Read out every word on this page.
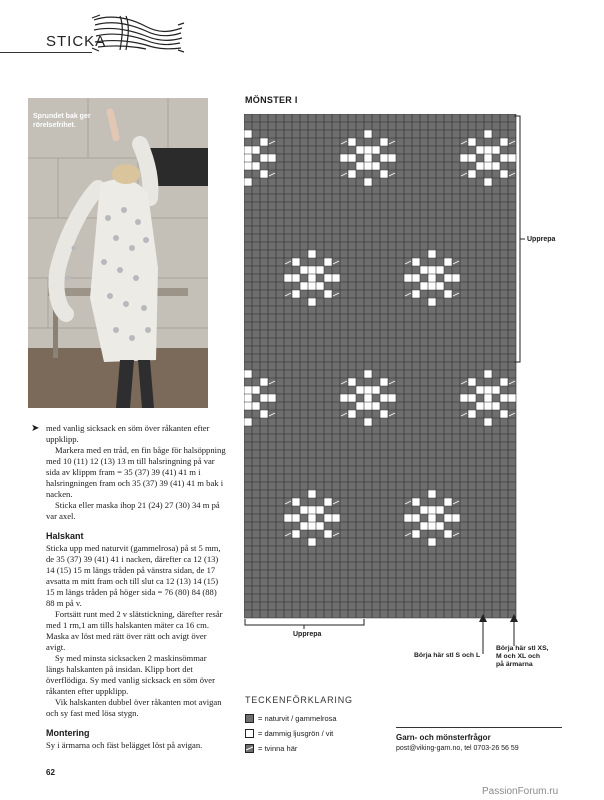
STICKA
Sprundet bak ger rörelsefrihet.
➤ med vanlig sicksack en söm över råkanten efter uppklipp.

Markera med en tråd, en fin båge för halsöppning med 10 (11) 12 (13) 13 m till halsringning på var sida av klippm fram = 35 (37) 39 (41) 41 m i halsringningen fram och 35 (37) 39 (41) 41 m bak i nacken.

Sticka eller maska ihop 21 (24) 27 (30) 34 m på var axel.

Halskant

Sticka upp med naturvit (gammelrosa) på st 5 mm, de 35 (37) 39 (41) 41 i nacken, därefter ca 12 (13) 14 (15) 15 m längs tråden på vänstra sidan, de 17 avsatta m mitt fram och till slut ca 12 (13) 14 (15) 15 m längs tråden på höger sida = 76 (80) 84 (88) 88 m på v.

Fortsätt runt med 2 v slätstickning, därefter resår med 1 rm,1 am tills halskanten mäter ca 16 cm. Maska av löst med rätt över rätt och avigt över avigt.

Sy med minsta sicksacken 2 maskinsömmar längs halskanten på insidan. Klipp bort det överflödiga. Sy med vanlig sicksack en söm över råkanten efter uppklipp.

Vik halskanten dubbel över råkanten mot avigan och sy fast med lösa stygn.

Montering

Sy i ärmarna och fäst belägget löst på avigan.

MÖNSTER I
Upprepa
Upprepa
Börja här stl S och L
Börja här stl XS,
M och XL och
på ärmarna
TECKENFÖRKLARING
= naturvit / gammelrosa
= dammig ljusgrön / vit
= tvinna här
Garn- och mönsterfrågor
post@viking-garn.no, tel 0703-26 56 59
62
PassionForum.ru
